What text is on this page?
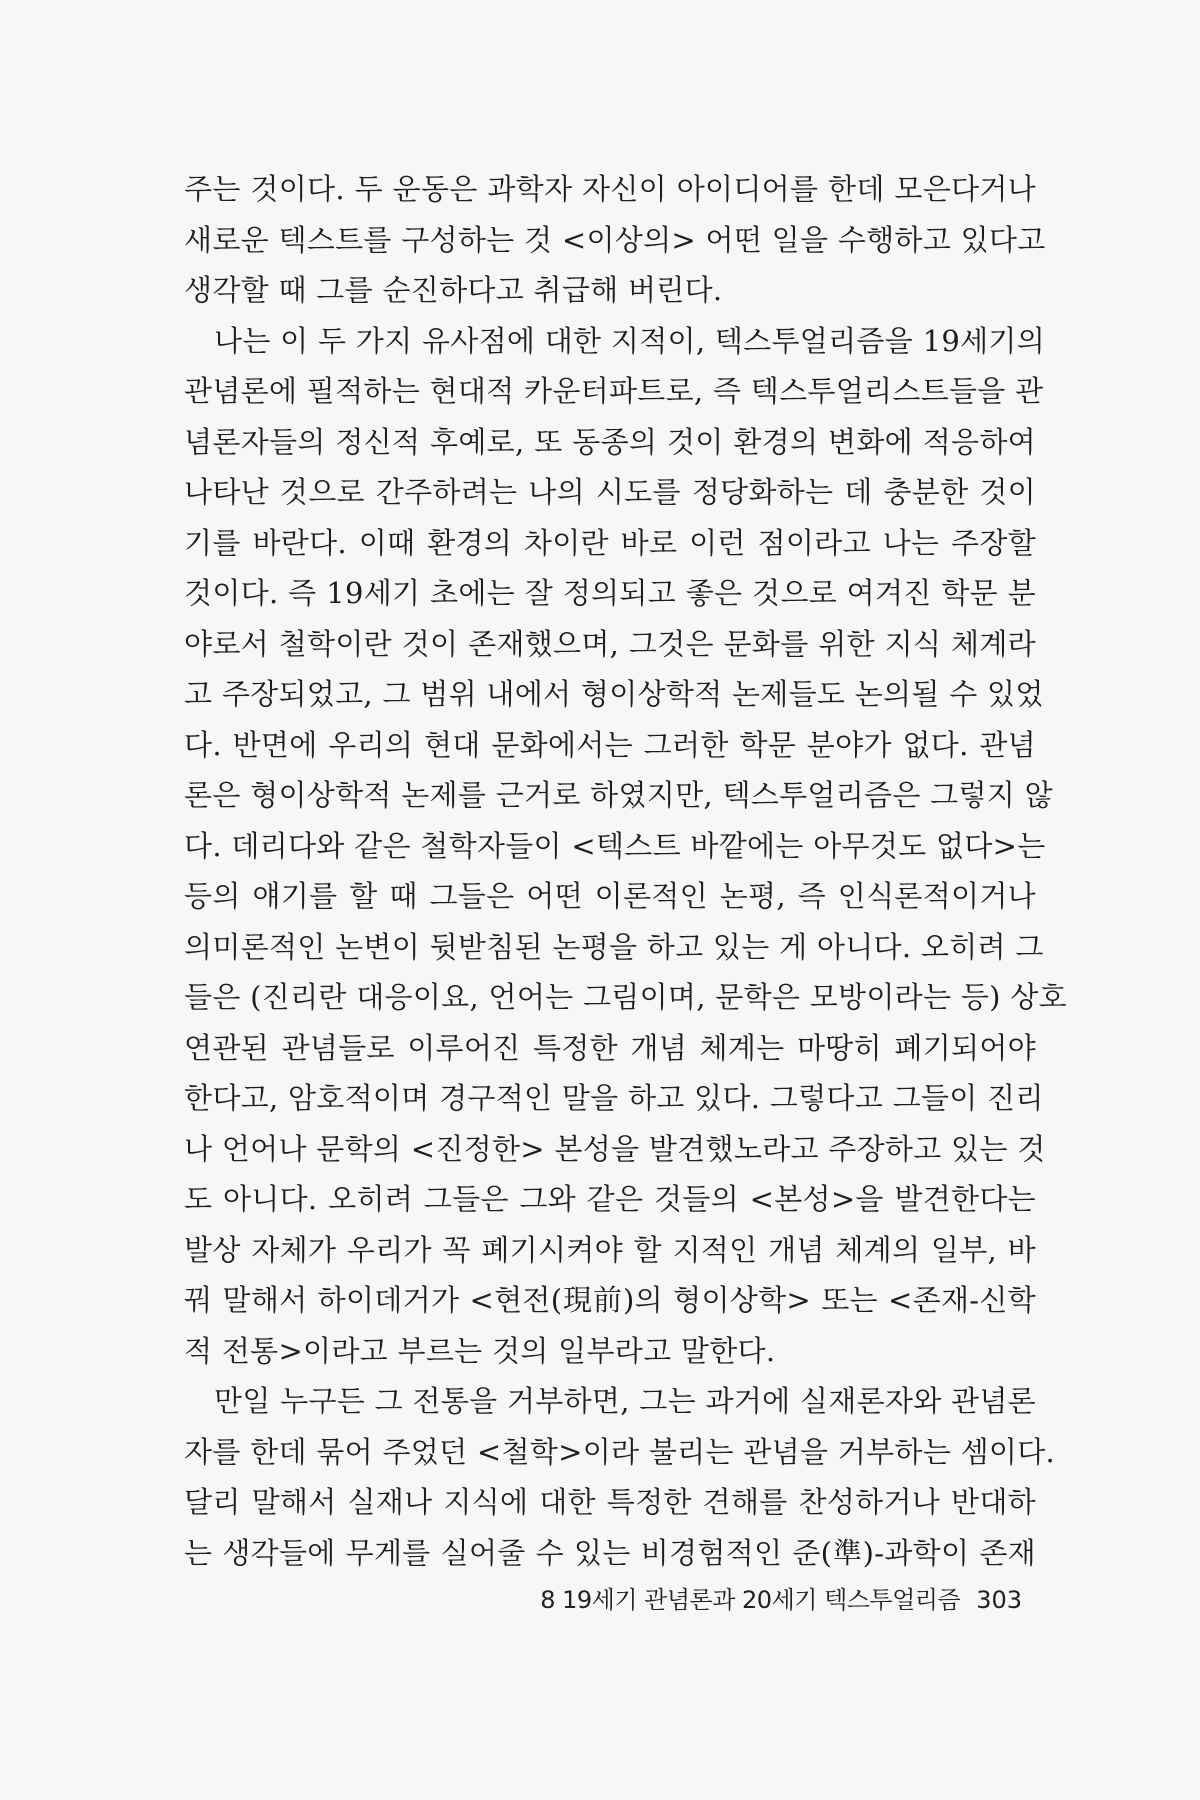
주는 것이다. 두 운동은 과학자 자신이 아이디어를 한데 모은다거나
새로운 텍스트를 구성하는 것 <이상의> 어떤 일을 수행하고 있다고
생각할 때 그를 순진하다고 취급해 버린다.
나는 이 두 가지 유사점에 대한 지적이, 텍스투얼리즘을 19세기의
관념론에 필적하는 현대적 카운터파트로, 즉 텍스투얼리스트들을 관
념론자들의 정신적 후예로, 또 동종의 것이 환경의 변화에 적응하여
나타난 것으로 간주하려는 나의 시도를 정당화하는 데 충분한 것이
기를 바란다. 이때 환경의 차이란 바로 이런 점이라고 나는 주장할
것이다. 즉 19세기 초에는 잘 정의되고 좋은 것으로 여겨진 학문 분
야로서 철학이란 것이 존재했으며, 그것은 문화를 위한 지식 체계라
고 주장되었고, 그 범위 내에서 형이상학적 논제들도 논의될 수 있었
다. 반면에 우리의 현대 문화에서는 그러한 학문 분야가 없다. 관념
론은 형이상학적 논제를 근거로 하였지만, 텍스투얼리즘은 그렇지 않
다. 데리다와 같은 철학자들이 <텍스트 바깥에는 아무것도 없다>는
등의 얘기를 할 때 그들은 어떤 이론적인 논평, 즉 인식론적이거나
의미론적인 논변이 뒷받침된 논평을 하고 있는 게 아니다. 오히려 그
들은 (진리란 대응이요, 언어는 그림이며, 문학은 모방이라는 등) 상호
연관된 관념들로 이루어진 특정한 개념 체계는 마땅히 폐기되어야
한다고, 암호적이며 경구적인 말을 하고 있다. 그렇다고 그들이 진리
나 언어나 문학의 <진정한> 본성을 발견했노라고 주장하고 있는 것
도 아니다. 오히려 그들은 그와 같은 것들의 <본성>을 발견한다는
발상 자체가 우리가 꼭 폐기시켜야 할 지적인 개념 체계의 일부, 바
꿔 말해서 하이데거가 <현전(現前)의 형이상학> 또는 <존재-신학
적 전통>이라고 부르는 것의 일부라고 말한다.
만일 누구든 그 전통을 거부하면, 그는 과거에 실재론자와 관념론
자를 한데 묶어 주었던 <철학>이라 불리는 관념을 거부하는 셈이다.
달리 말해서 실재나 지식에 대한 특정한 견해를 찬성하거나 반대하
는 생각들에 무게를 실어줄 수 있는 비경험적인 준(準)-과학이 존재
8 19세기 관념론과 20세기 텍스투얼리즘 303
